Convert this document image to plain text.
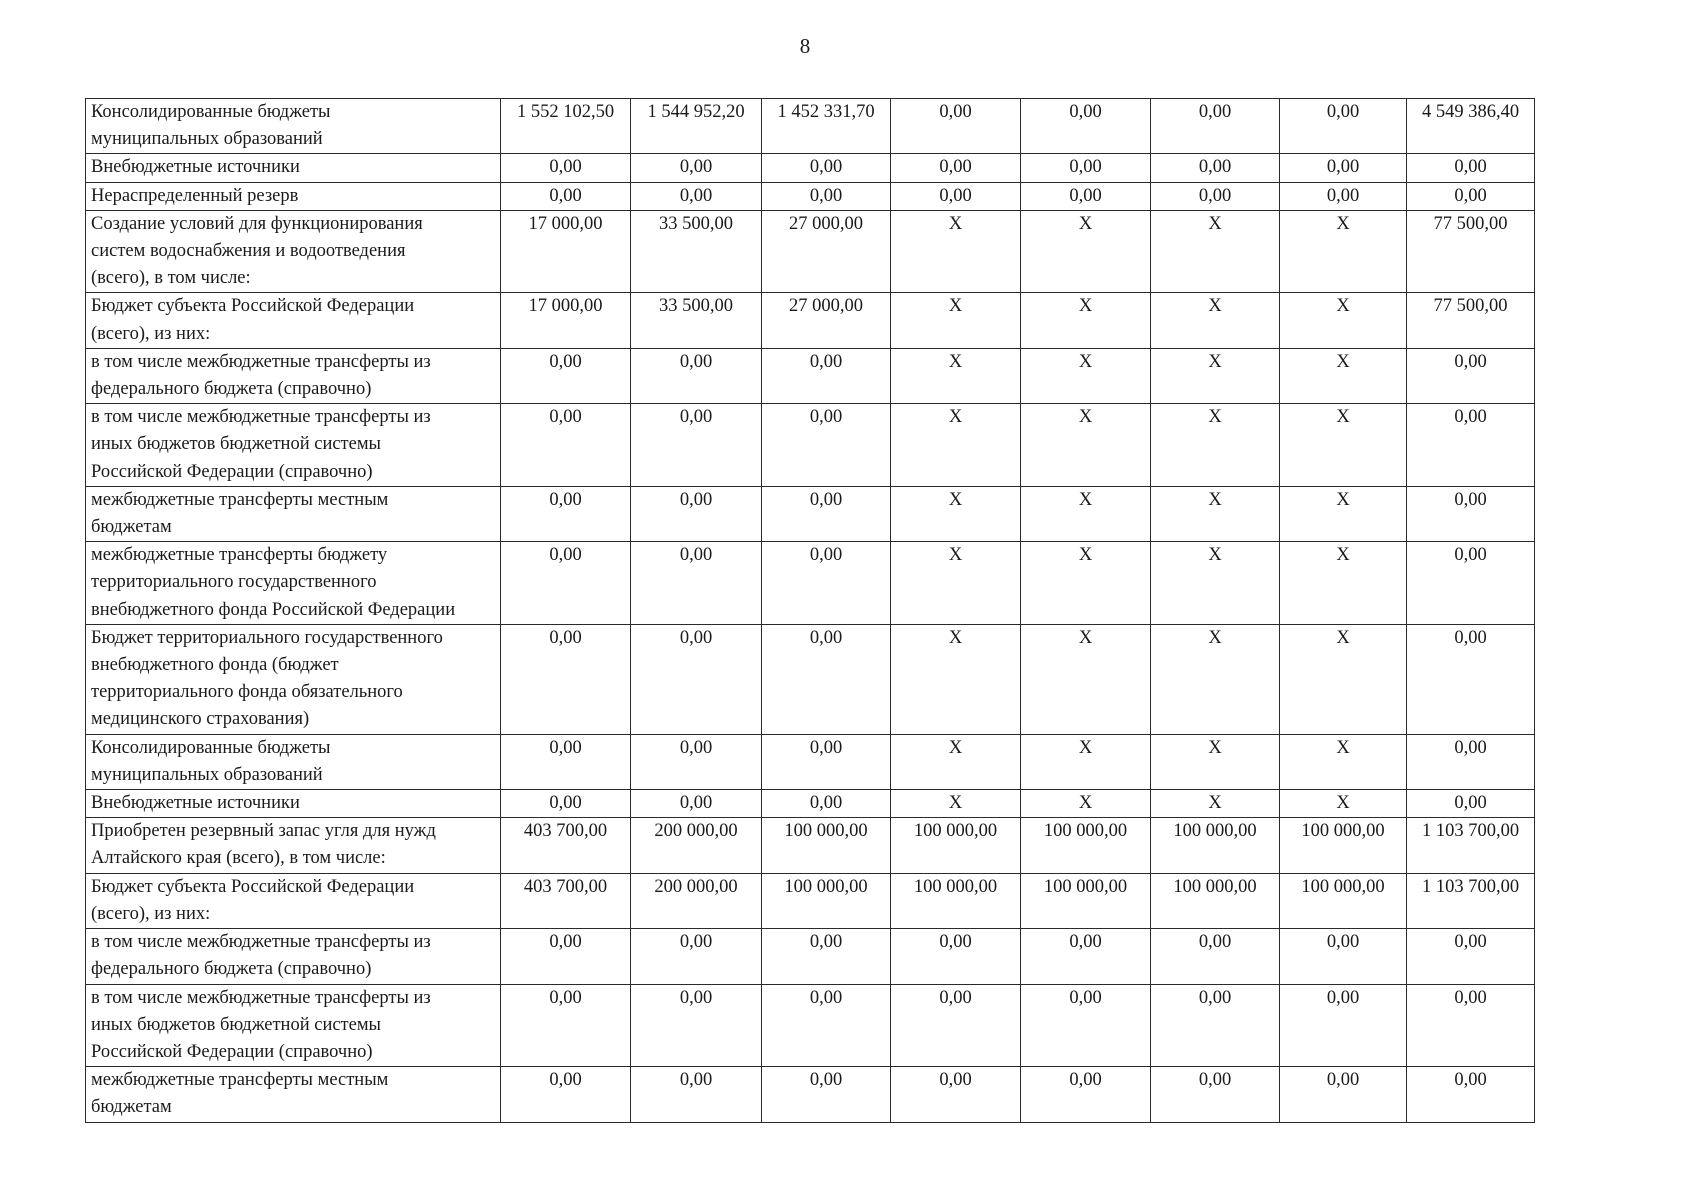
8
Консолидированные бюджеты
муниципальных образований	1 552 102,50	1 544 952,20	1 452 331,70	0,00	0,00	0,00	0,00	4 549 386,40

Внебюджетные источники	0,00	0,00	0,00	0,00	0,00	0,00	0,00	0,00

Нераспределенный резерв	0,00	0,00	0,00	0,00	0,00	0,00	0,00	0,00

Создание условий для функционирования
систем водоснабжения и водоотведения
(всего), в том числе:	17 000,00	33 500,00	27 000,00	X	X	X	X	77 500,00

Бюджет субъекта Российской Федерации
(всего), из них:	17 000,00	33 500,00	27 000,00	X	X	X	X	77 500,00

в том числе межбюджетные трансферты из
федерального бюджета (справочно)	0,00	0,00	0,00	X	X	X	X	0,00

в том числе межбюджетные трансферты из
иных бюджетов бюджетной системы
Российской Федерации (справочно)	0,00	0,00	0,00	X	X	X	X	0,00

межбюджетные трансферты местным
бюджетам	0,00	0,00	0,00	X	X	X	X	0,00

межбюджетные трансферты бюджету
территориального государственного
внебюджетного фонда Российской Федерации	0,00	0,00	0,00	X	X	X	X	0,00

Бюджет территориального государственного
внебюджетного фонда (бюджет
территориального фонда обязательного
медицинского страхования)	0,00	0,00	0,00	X	X	X	X	0,00

Консолидированные бюджеты
муниципальных образований	0,00	0,00	0,00	X	X	X	X	0,00

Внебюджетные источники	0,00	0,00	0,00	X	X	X	X	0,00

Приобретен резервный запас угля для нужд
Алтайского края (всего), в том числе:	403 700,00	200 000,00	100 000,00	100 000,00	100 000,00	100 000,00	100 000,00	1 103 700,00

Бюджет субъекта Российской Федерации
(всего), из них:	403 700,00	200 000,00	100 000,00	100 000,00	100 000,00	100 000,00	100 000,00	1 103 700,00

в том числе межбюджетные трансферты из
федерального бюджета (справочно)	0,00	0,00	0,00	0,00	0,00	0,00	0,00	0,00

в том числе межбюджетные трансферты из
иных бюджетов бюджетной системы
Российской Федерации (справочно)	0,00	0,00	0,00	0,00	0,00	0,00	0,00	0,00

межбюджетные трансферты местным
бюджетам	0,00	0,00	0,00	0,00	0,00	0,00	0,00	0,00
